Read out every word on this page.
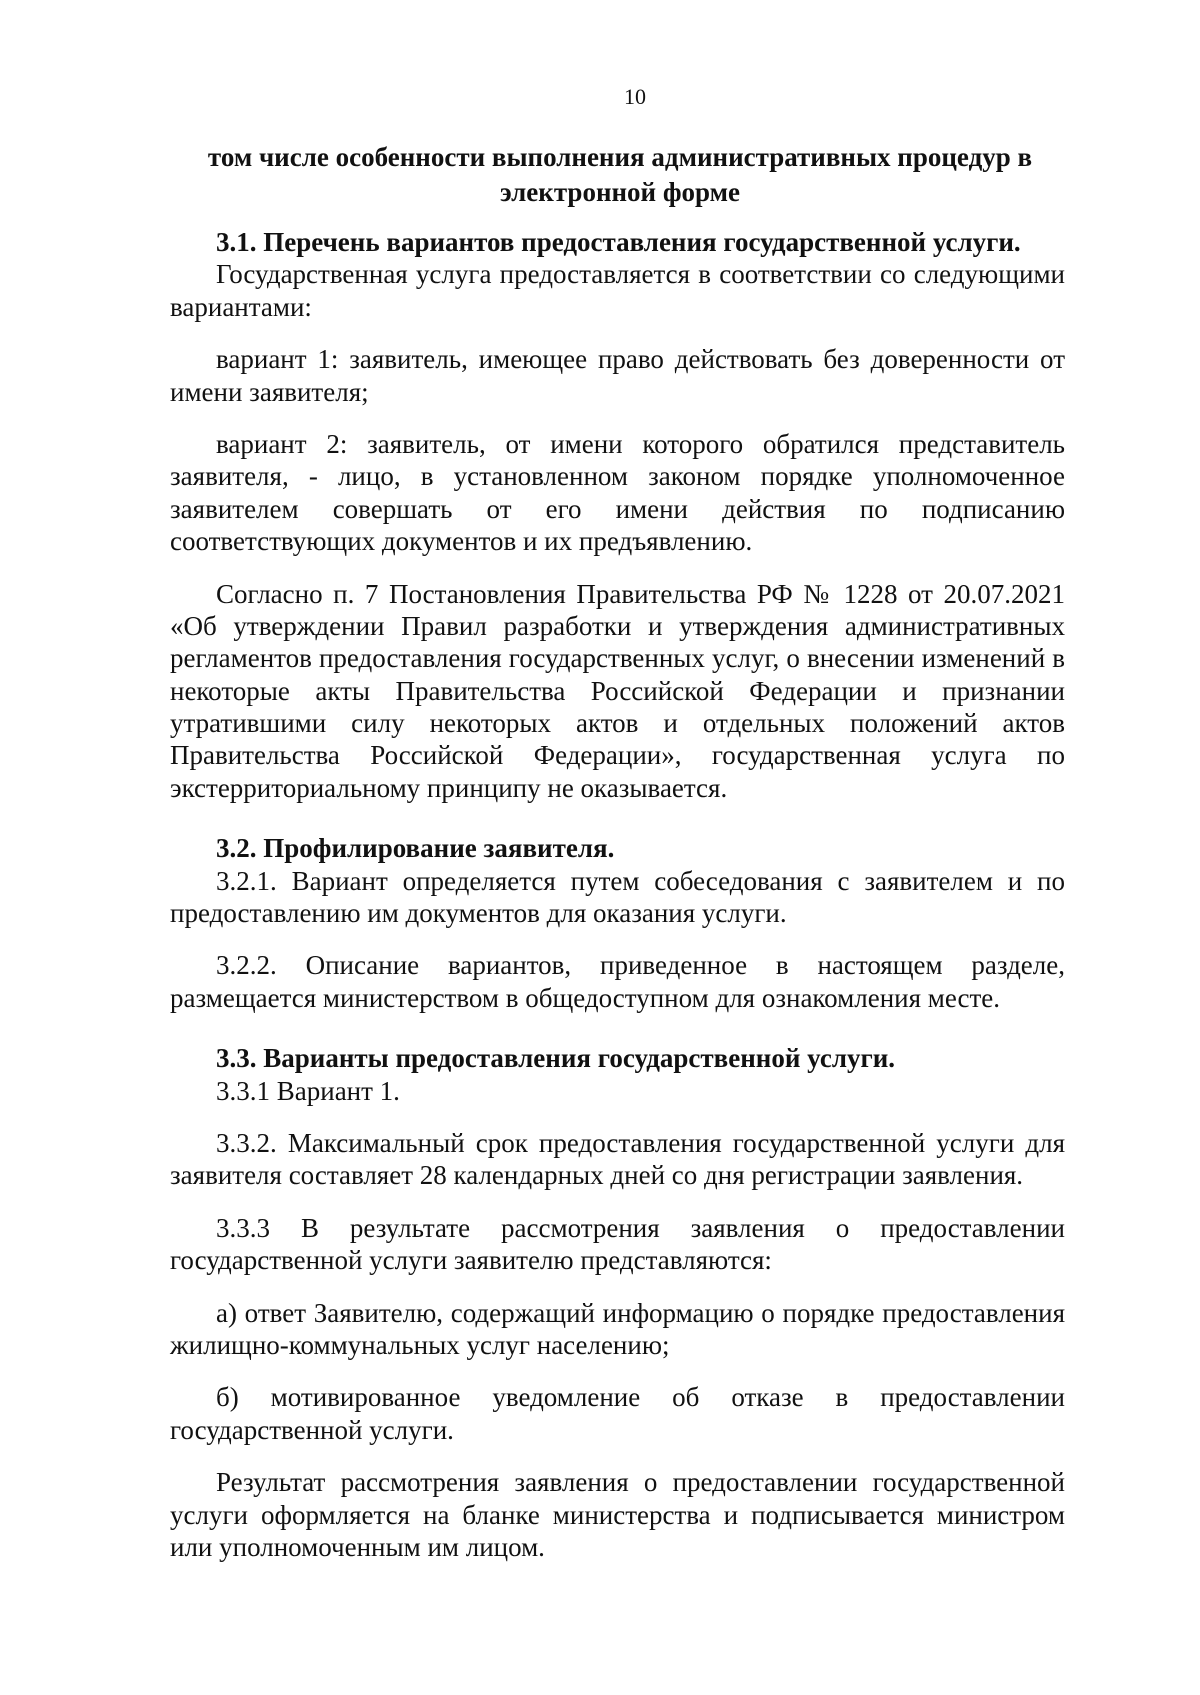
10
том числе особенности выполнения административных процедур в электронной форме

3.1. Перечень вариантов предоставления государственной услуги.

Государственная услуга предоставляется в соответствии со следующими вариантами:

вариант 1: заявитель, имеющее право действовать без доверенности от имени заявителя;

вариант 2: заявитель, от имени которого обратился представитель заявителя, - лицо, в установленном законом порядке уполномоченное заявителем совершать от его имени действия по подписанию соответствующих документов и их предъявлению.

Согласно п. 7 Постановления Правительства РФ № 1228 от 20.07.2021 «Об утверждении Правил разработки и утверждения административных регламентов предоставления государственных услуг, о внесении изменений в некоторые акты Правительства Российской Федерации и признании утратившими силу некоторых актов и отдельных положений актов Правительства Российской Федерации», государственная услуга по экстерриториальному принципу не оказывается.

3.2. Профилирование заявителя.

3.2.1. Вариант определяется путем собеседования с заявителем и по предоставлению им документов для оказания услуги.

3.2.2. Описание вариантов, приведенное в настоящем разделе, размещается министерством в общедоступном для ознакомления месте.

3.3. Варианты предоставления государственной услуги.

3.3.1 Вариант 1.

3.3.2. Максимальный срок предоставления государственной услуги для заявителя составляет 28 календарных дней со дня регистрации заявления.

3.3.3 В результате рассмотрения заявления о предоставлении государственной услуги заявителю представляются:

а) ответ Заявителю, содержащий информацию о порядке предоставления жилищно-коммунальных услуг населению;

б) мотивированное уведомление об отказе в предоставлении государственной услуги.

Результат рассмотрения заявления о предоставлении государственной услуги оформляется на бланке министерства и подписывается министром или уполномоченным им лицом.
